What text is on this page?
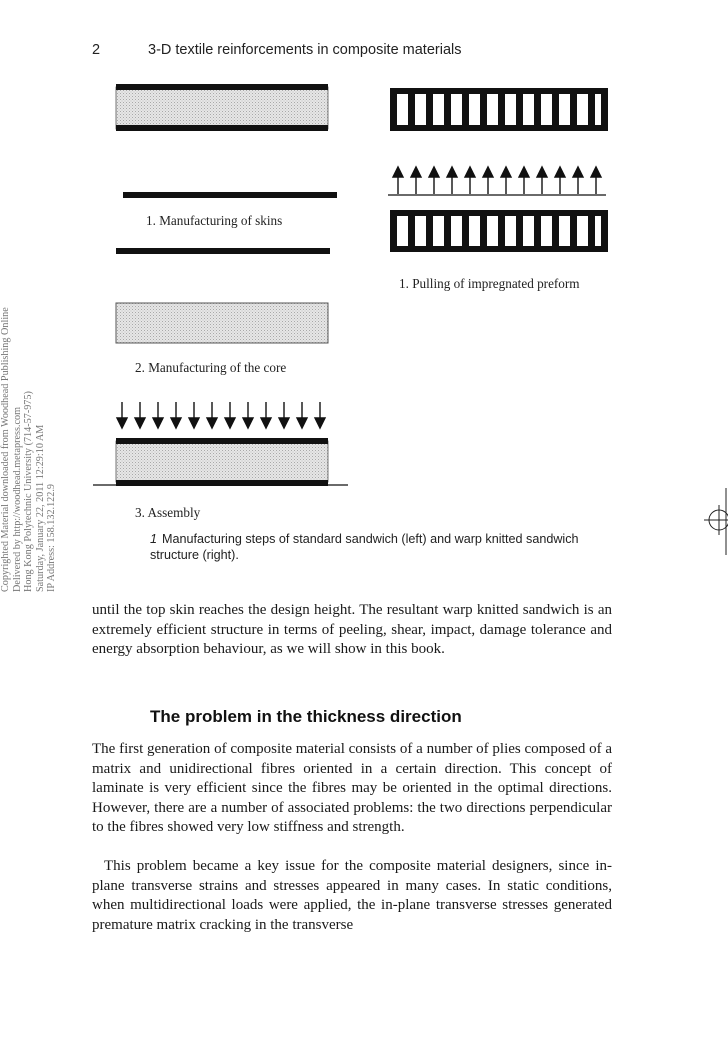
2	3-D textile reinforcements in composite materials
Copyrighted Material downloaded from Woodhead Publishing Online Delivered by http://woodhead.metapress.com Hong Kong Polytechnic University (714-57-975) Saturday, January 22, 2011 12:29:10 AM IP Address: 158.132.122.9
1. Manufacturing of skins
2. Manufacturing of the core
3. Assembly
1. Pulling of impregnated preform
1 Manufacturing steps of standard sandwich (left) and warp knitted sandwich structure (right).
until the top skin reaches the design height. The resultant warp knitted sandwich is an extremely efficient structure in terms of peeling, shear, impact, damage tolerance and energy absorption behaviour, as we will show in this book.
The problem in the thickness direction
The first generation of composite material consists of a number of plies composed of a matrix and unidirectional fibres oriented in a certain direction. This concept of laminate is very efficient since the fibres may be oriented in the optimal directions. However, there are a number of associated problems: the two directions perpendicular to the fibres showed very low stiffness and strength.
This problem became a key issue for the composite material designers, since in-plane transverse strains and stresses appeared in many cases. In static conditions, when multidirectional loads were applied, the in-plane transverse stresses generated premature matrix cracking in the transverse
